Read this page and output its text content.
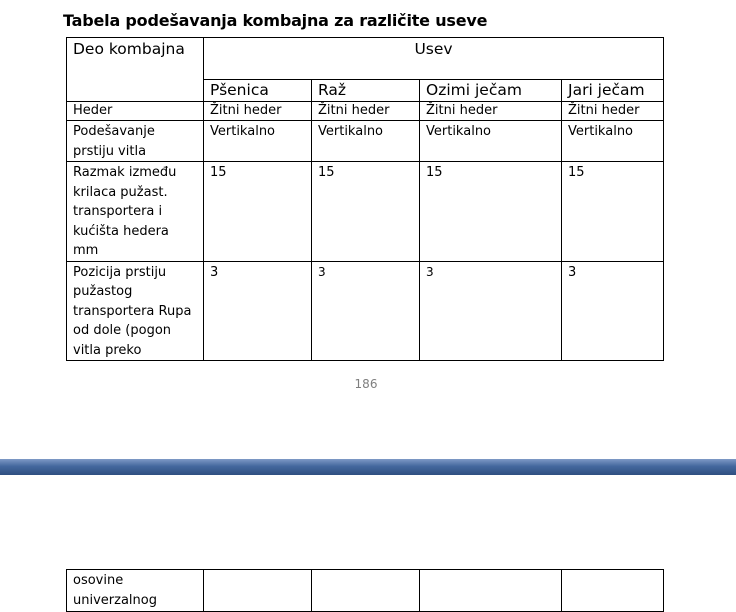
Tabela podešavanja kombajna za različite useve
Deo kombajna	Usev			
	Pšenica	Raž	Ozimi ječam	Jari ječam
Heder	Žitni heder	Žitni heder	Žitni heder	Žitni heder
Podešavanje prstiju vitla	Vertikalno	Vertikalno	Vertikalno	Vertikalno
Razmak između krilaca pužast. transportera i kućišta hedera mm	15	15	15	15
Pozicija prstiju pužastog transportera Rupa od dole (pogon vitla preko	3	3	3	3
186
osovine univerzalnog				
